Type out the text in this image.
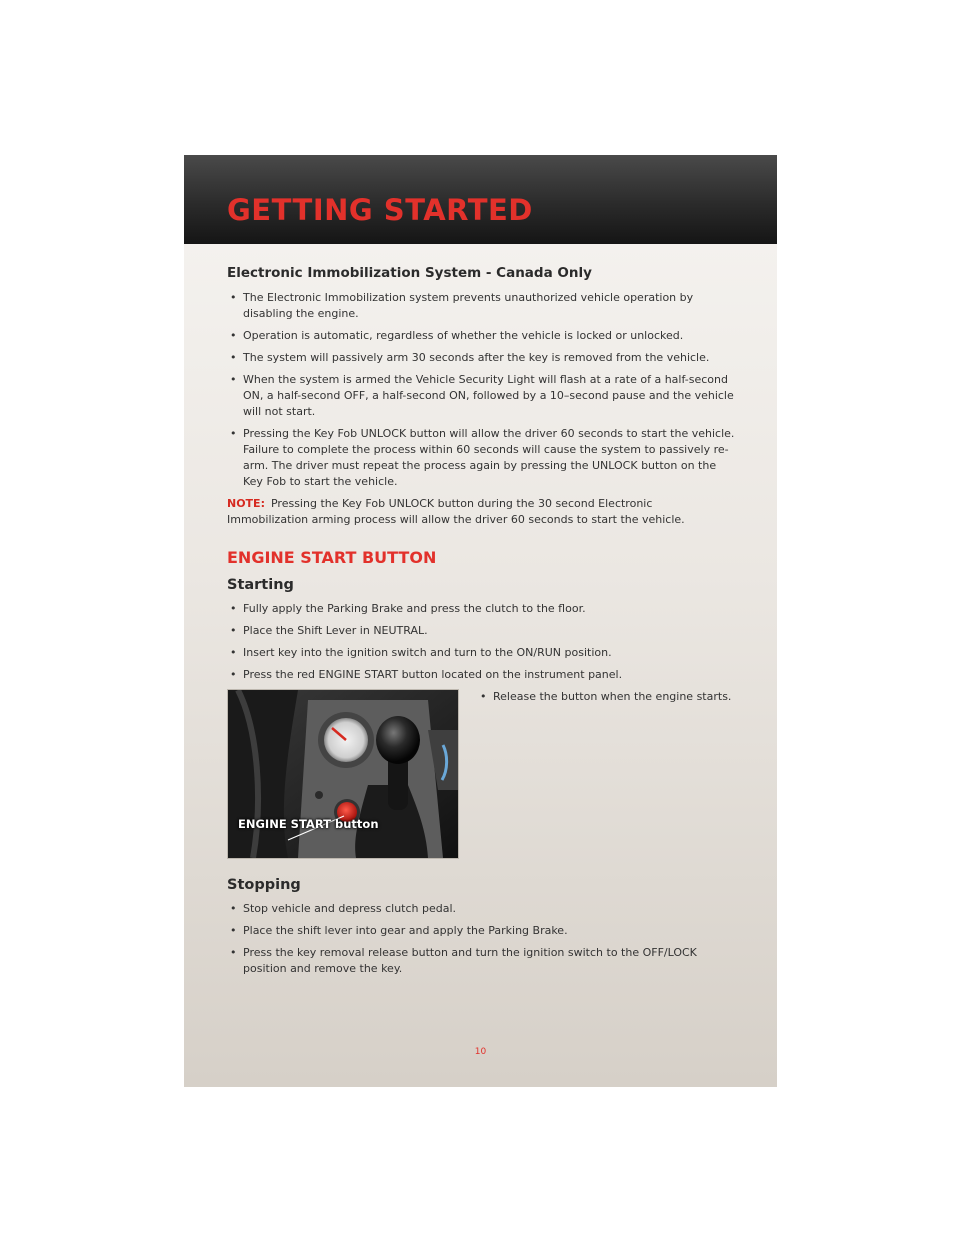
GETTING STARTED
Electronic Immobilization System - Canada Only
• The Electronic Immobilization system prevents unauthorized vehicle operation by disabling the engine.
• Operation is automatic, regardless of whether the vehicle is locked or unlocked.
• The system will passively arm 30 seconds after the key is removed from the vehicle.
• When the system is armed the Vehicle Security Light will flash at a rate of a half-second ON, a half-second OFF, a half-second ON, followed by a 10–second pause and the vehicle will not start.
• Pressing the Key Fob UNLOCK button will allow the driver 60 seconds to start the vehicle. Failure to complete the process within 60 seconds will cause the system to passively re-arm. The driver must repeat the process again by pressing the UNLOCK button on the Key Fob to start the vehicle.

NOTE: Pressing the Key Fob UNLOCK button during the 30 second Electronic Immobilization arming process will allow the driver 60 seconds to start the vehicle.

ENGINE START BUTTON
Starting
• Fully apply the Parking Brake and press the clutch to the floor.
• Place the Shift Lever in NEUTRAL.
• Insert key into the ignition switch and turn to the ON/RUN position.
• Press the red ENGINE START button located on the instrument panel.
ENGINE START button
• Release the button when the engine starts.
Stopping
• Stop vehicle and depress clutch pedal.
• Place the shift lever into gear and apply the Parking Brake.
• Press the key removal release button and turn the ignition switch to the OFF/LOCK position and remove the key.
10
